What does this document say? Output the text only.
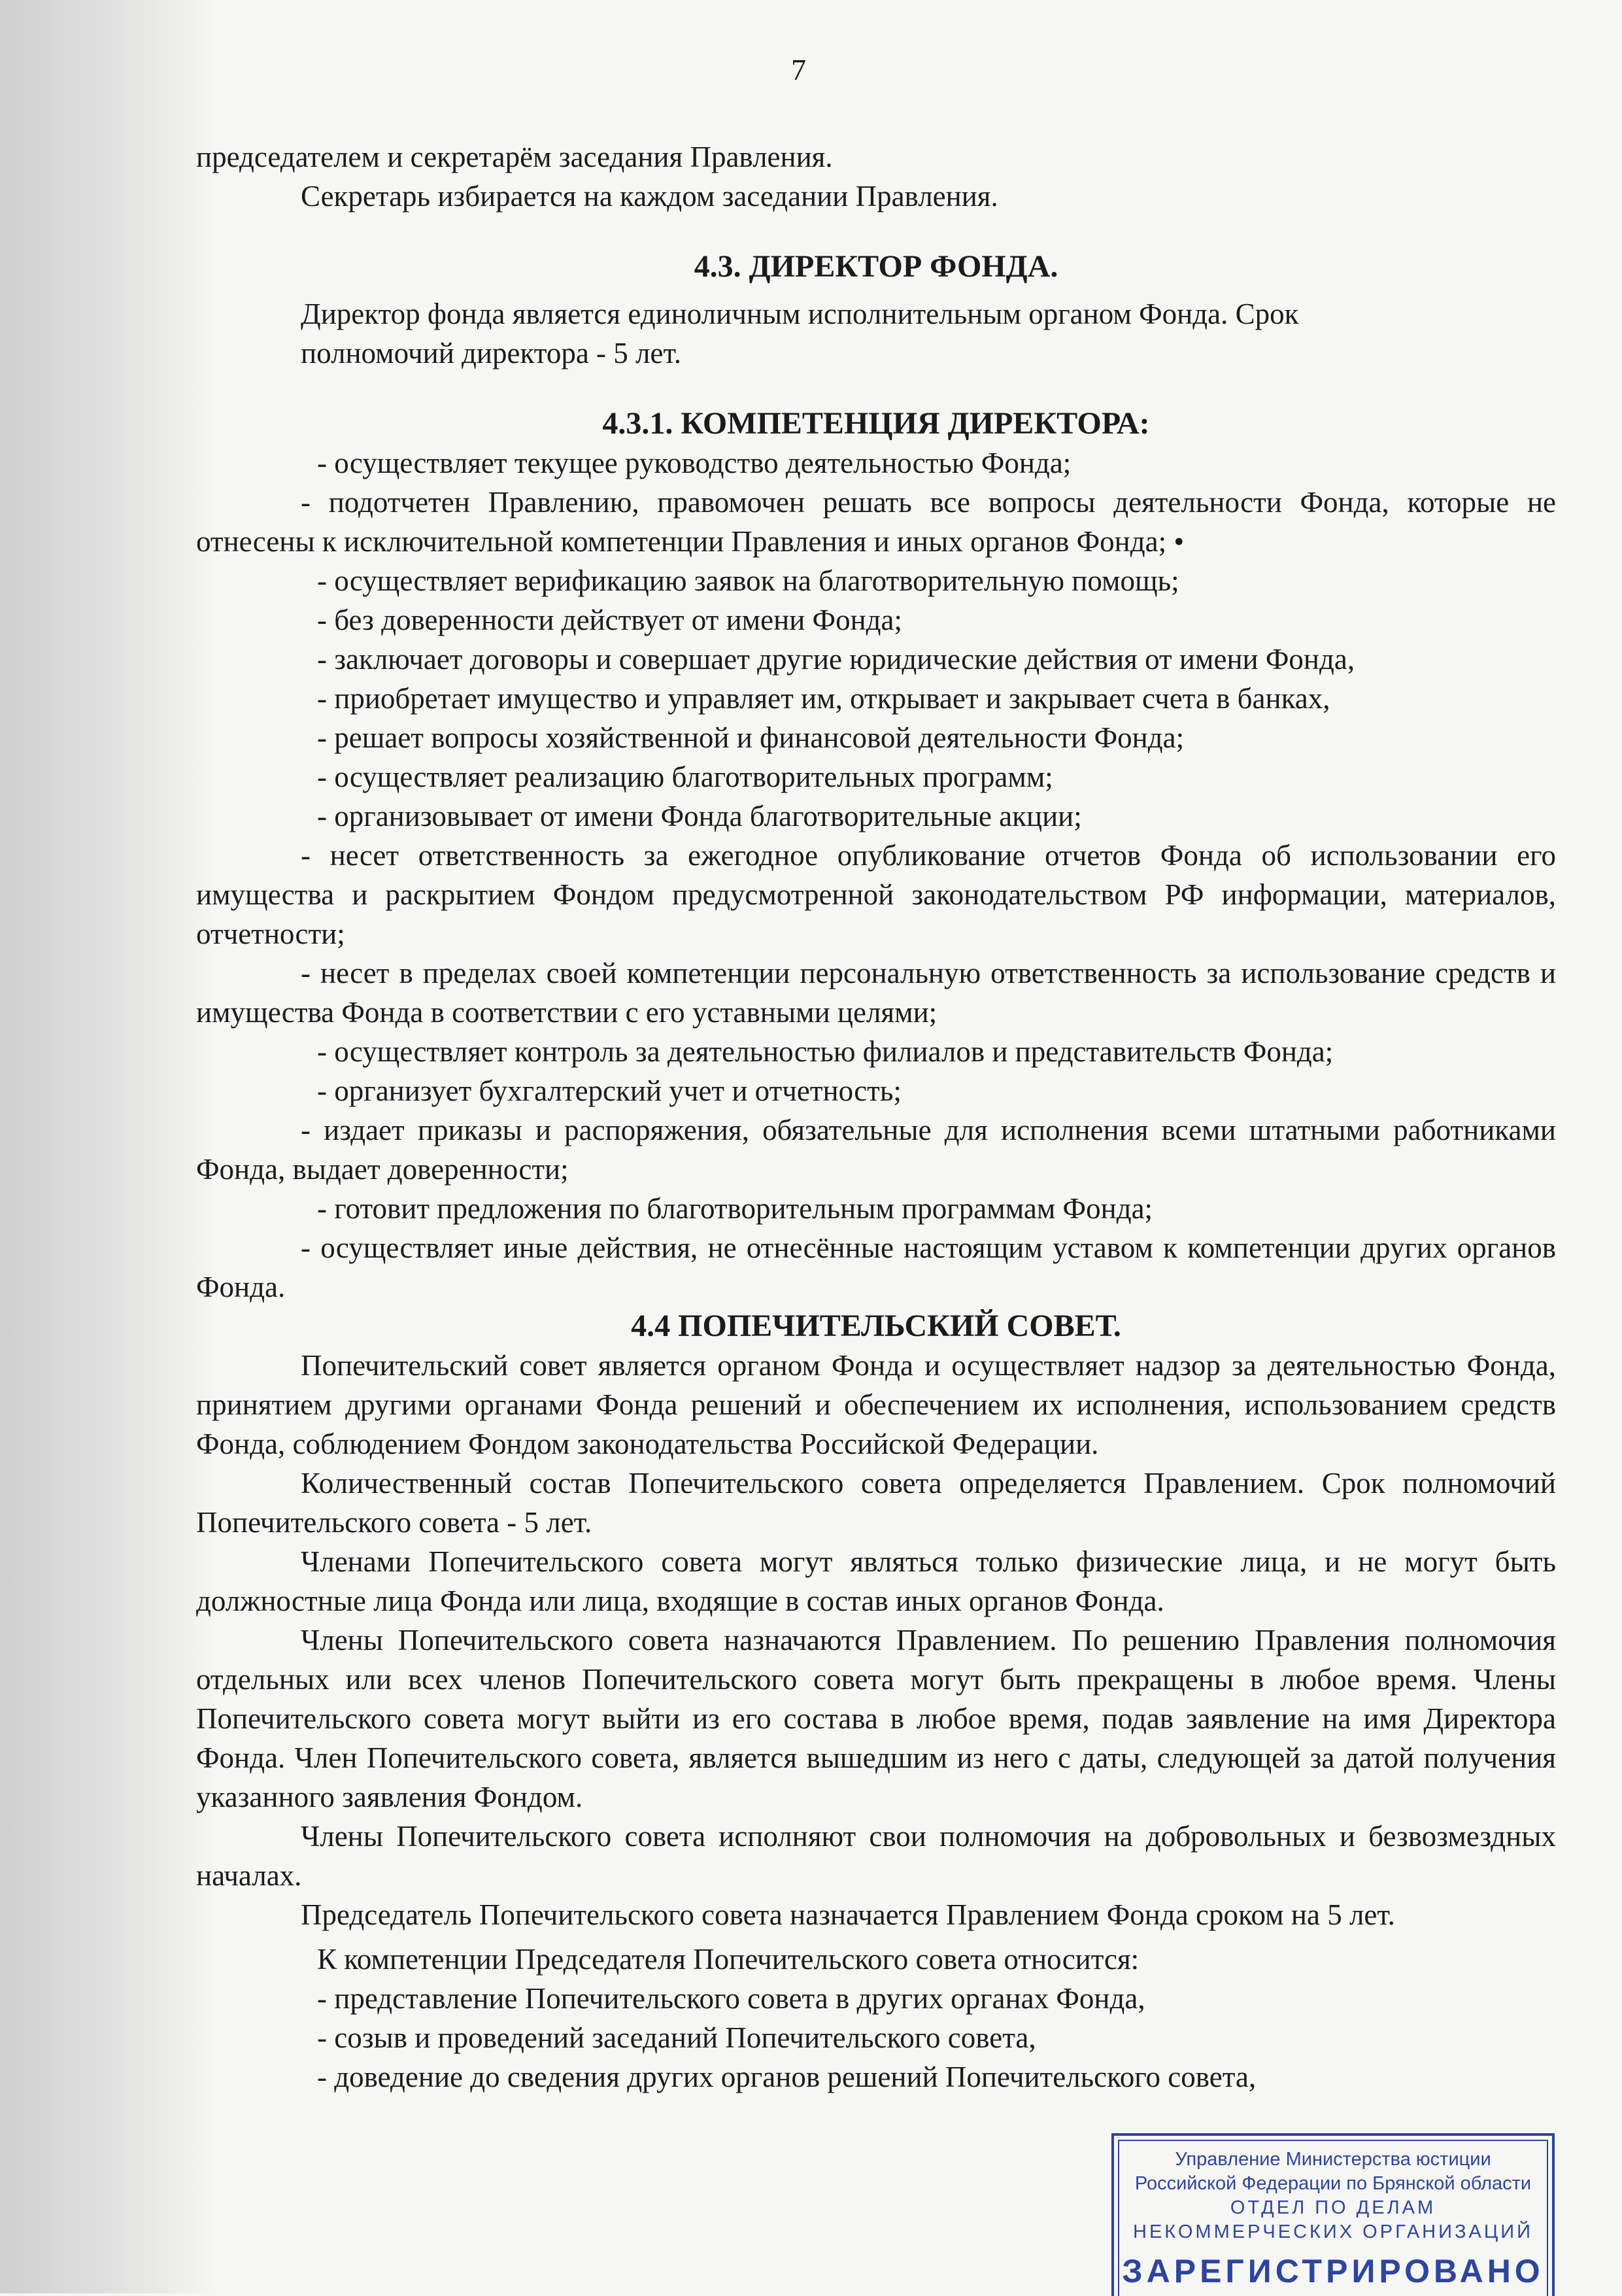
7

председателем и секретарём заседания Правления.

Секретарь избирается на каждом заседании Правления.

4.3. ДИРЕКТОР ФОНДА.

Директор фонда является единоличным исполнительным органом Фонда. Срок

полномочий директора - 5 лет.

4.3.1. КОМПЕТЕНЦИЯ ДИРЕКТОРА:

- осуществляет текущее руководство деятельностью Фонда;

- подотчетен Правлению, правомочен решать все вопросы деятельности Фонда, которые не отнесены к исключительной компетенции Правления и иных органов Фонда; •

- осуществляет верификацию заявок на благотворительную помощь;

- без доверенности действует от имени Фонда;

- заключает договоры и совершает другие юридические действия от имени Фонда,

- приобретает имущество и управляет им, открывает и закрывает счета в банках,

- решает вопросы хозяйственной и финансовой деятельности Фонда;

- осуществляет реализацию благотворительных программ;

- организовывает от имени Фонда благотворительные акции;

- несет ответственность за ежегодное опубликование отчетов Фонда об использовании его имущества и раскрытием Фондом предусмотренной законодательством РФ информации, материалов, отчетности;

- несет в пределах своей компетенции персональную ответственность за использование средств и имущества Фонда в соответствии с его уставными целями;

- осуществляет контроль за деятельностью филиалов и представительств Фонда;

- организует бухгалтерский учет и отчетность;

- издает приказы и распоряжения, обязательные для исполнения всеми штатными работниками Фонда, выдает доверенности;

- готовит предложения по благотворительным программам Фонда;

- осуществляет иные действия, не отнесённые настоящим уставом к компетенции других органов Фонда.

4.4 ПОПЕЧИТЕЛЬСКИЙ СОВЕТ.

Попечительский совет является органом Фонда и осуществляет надзор за деятельностью Фонда, принятием другими органами Фонда решений и обеспечением их исполнения, использованием средств Фонда, соблюдением Фондом законодательства Российской Федерации.

Количественный состав Попечительского совета определяется Правлением. Срок полномочий Попечительского совета - 5 лет.

Членами Попечительского совета могут являться только физические лица, и не могут быть должностные лица Фонда или лица, входящие в состав иных органов Фонда.

Члены Попечительского совета назначаются Правлением. По решению Правления полномочия отдельных или всех членов Попечительского совета могут быть прекращены в любое время. Члены Попечительского совета могут выйти из его состава в любое время, подав заявление на имя Директора Фонда. Член Попечительского совета, является вышедшим из него с даты, следующей за датой получения указанного заявления Фондом.

Члены Попечительского совета исполняют свои полномочия на добровольных и безвозмездных началах.

Председатель Попечительского совета назначается Правлением Фонда сроком на 5 лет.

К компетенции Председателя Попечительского совета относится:

- представление Попечительского совета в других органах Фонда,

- созыв и проведений заседаний Попечительского совета,

- доведение до сведения других органов решений Попечительского совета,

Управление Министерства юстиции
Российской Федерации по Брянской области
ОТДЕЛ ПО ДЕЛАМ
НЕКОММЕРЧЕСКИХ ОРГАНИЗАЦИЙ
ЗАРЕГИСТРИРОВАНО
